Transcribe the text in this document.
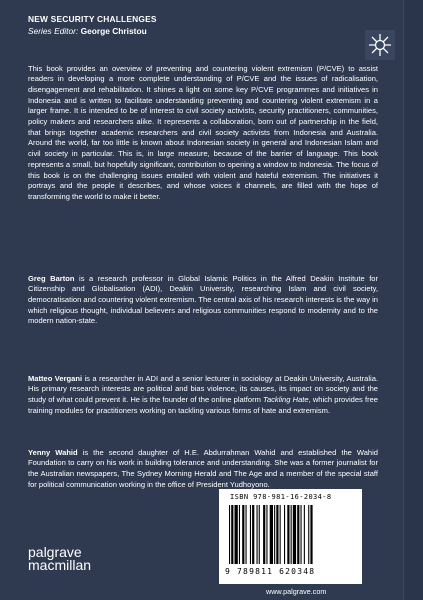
NEW SECURITY CHALLENGES
Series Editor: George Christou

This book provides an overview of preventing and countering violent extremism (P/CVE) to assist readers in developing a more complete understanding of P/CVE and the issues of radicalisation, disengagement and rehabilitation. It shines a light on some key P/CVE programmes and initiatives in Indonesia and is written to facilitate understanding preventing and countering violent extremism in a larger frame. It is intended to be of interest to civil society activists, security practitioners, communities, policy makers and researchers alike. It represents a collaboration, born out of partnership in the field, that brings together academic researchers and civil society activists from Indonesia and Australia. Around the world, far too little is known about Indonesian society in general and Indonesian Islam and civil society in particular. This is, in large measure, because of the barrier of language. This book represents a small, but hopefully significant, contribution to opening a window to Indonesia. The focus of this book is on the challenging issues entailed with violent and hateful extremism. The initiatives it portrays and the people it describes, and whose voices it channels, are filled with the hope of transforming the world to make it better.

Greg Barton is a research professor in Global Islamic Politics in the Alfred Deakin Institute for Citizenship and Globalisation (ADI), Deakin University, researching Islam and civil society, democratisation and countering violent extremism. The central axis of his research interests is the way in which religious thought, individual believers and religious communities respond to modernity and to the modern nation-state.

Matteo Vergani is a researcher in ADI and a senior lecturer in sociology at Deakin University, Australia. His primary research interests are political and bias violence, its causes, its impact on society and the study of what could prevent it. He is the founder of the online platform Tackling Hate, which provides free training modules for practitioners working on tackling various forms of hate and extremism.

Yenny Wahid is the second daughter of H.E. Abdurrahman Wahid and established the Wahid Foundation to carry on his work in building tolerance and understanding. She was a former journalist for the Australian newspapers, The Sydney Morning Herald and The Age and a member of the special staff for political communication working in the office of President Yudhoyono.

ISBN 978-981-16-2034-8
9 789811 620348
palgrave
macmillan
www.palgrave.com
